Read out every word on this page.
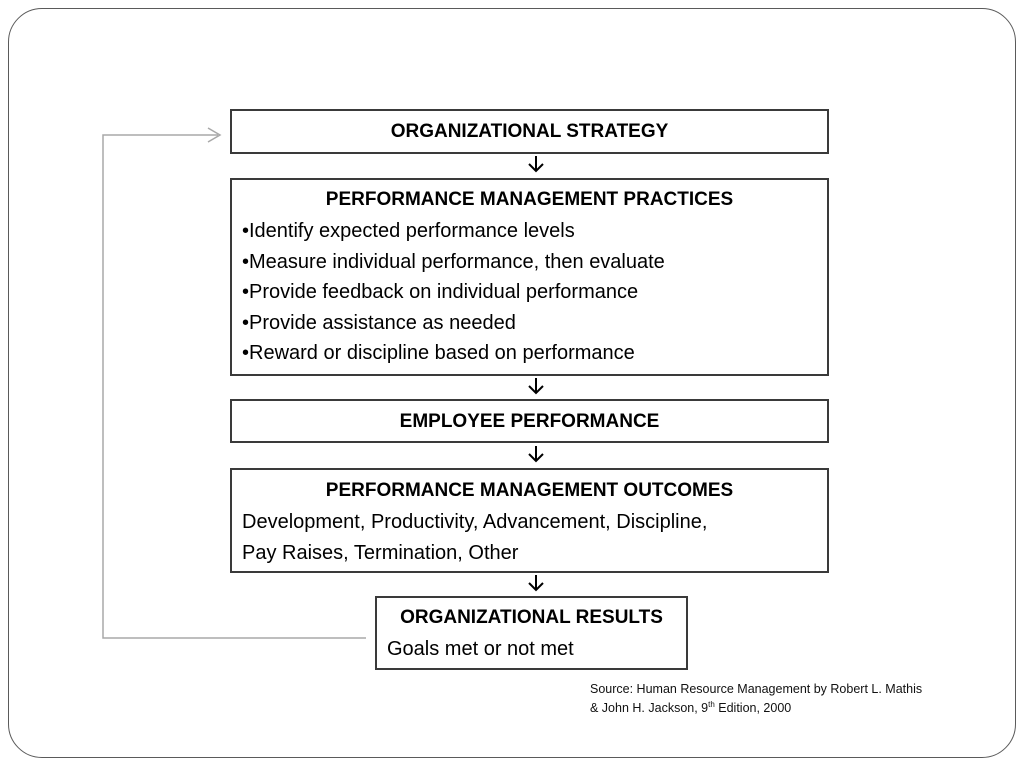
ORGANIZATIONAL STRATEGY
PERFORMANCE MANAGEMENT PRACTICES
•Identify expected performance levels
•Measure individual performance, then evaluate
•Provide feedback on individual performance
•Provide assistance as needed
•Reward or discipline based on performance
EMPLOYEE PERFORMANCE
PERFORMANCE MANAGEMENT OUTCOMES
Development, Productivity, Advancement, Discipline,
Pay Raises, Termination, Other
ORGANIZATIONAL RESULTS
Goals met or not met
Source: Human Resource Management by Robert L. Mathis
& John H. Jackson, 9th Edition, 2000
